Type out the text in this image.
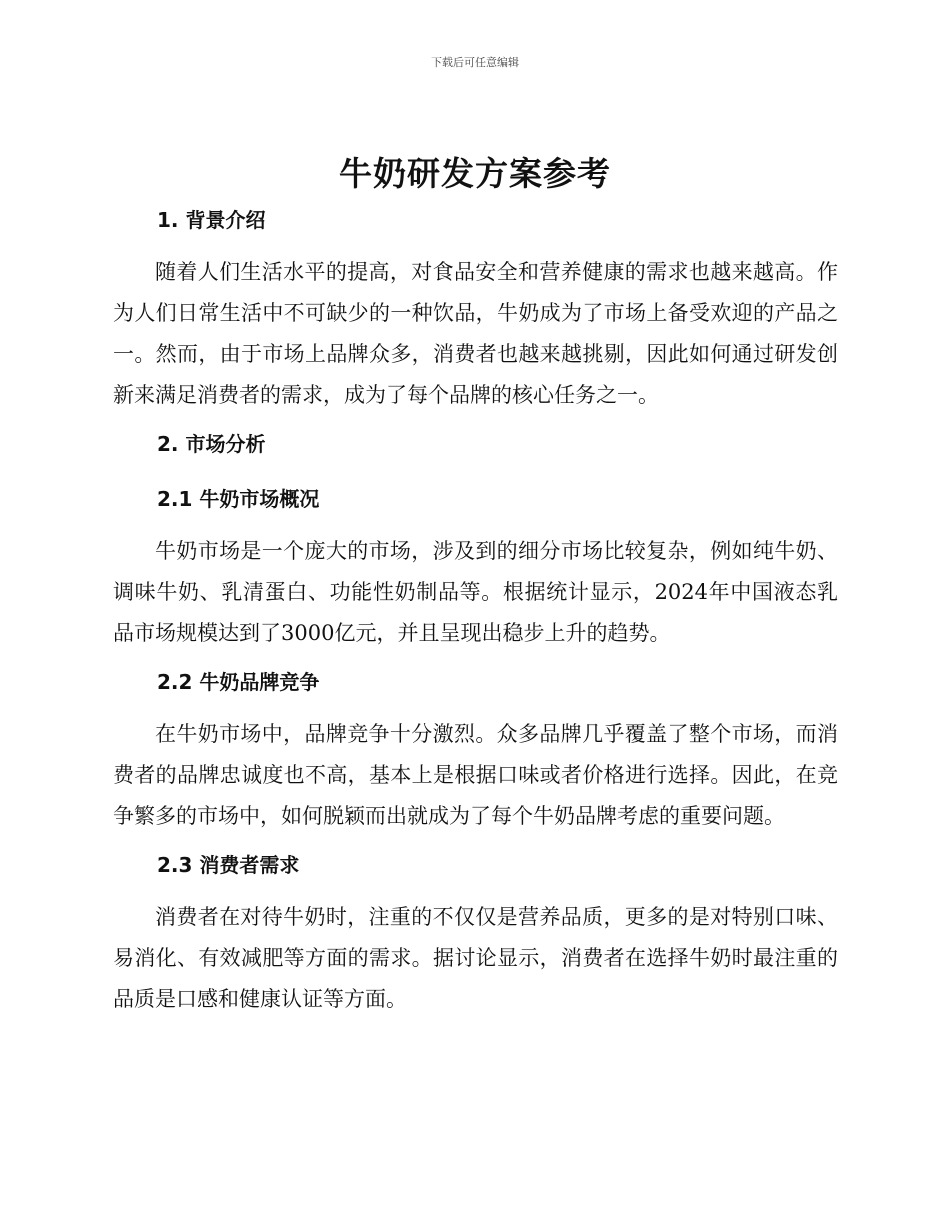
下载后可任意编辑
牛奶研发方案参考
1. 背景介绍

随着人们生活水平的提高，对食品安全和营养健康的需求也越来越高。作为人们日常生活中不可缺少的一种饮品，牛奶成为了市场上备受欢迎的产品之一。然而，由于市场上品牌众多，消费者也越来越挑剔，因此如何通过研发创新来满足消费者的需求，成为了每个品牌的核心任务之一。

2. 市场分析
2.1 牛奶市场概况

牛奶市场是一个庞大的市场，涉及到的细分市场比较复杂，例如纯牛奶、调味牛奶、乳清蛋白、功能性奶制品等。根据统计显示，2024年中国液态乳品市场规模达到了3000亿元，并且呈现出稳步上升的趋势。

2.2 牛奶品牌竞争

在牛奶市场中，品牌竞争十分激烈。众多品牌几乎覆盖了整个市场，而消费者的品牌忠诚度也不高，基本上是根据口味或者价格进行选择。因此，在竞争繁多的市场中，如何脱颖而出就成为了每个牛奶品牌考虑的重要问题。

2.3 消费者需求

消费者在对待牛奶时，注重的不仅仅是营养品质，更多的是对特别口味、易消化、有效减肥等方面的需求。据讨论显示，消费者在选择牛奶时最注重的品质是口感和健康认证等方面。
